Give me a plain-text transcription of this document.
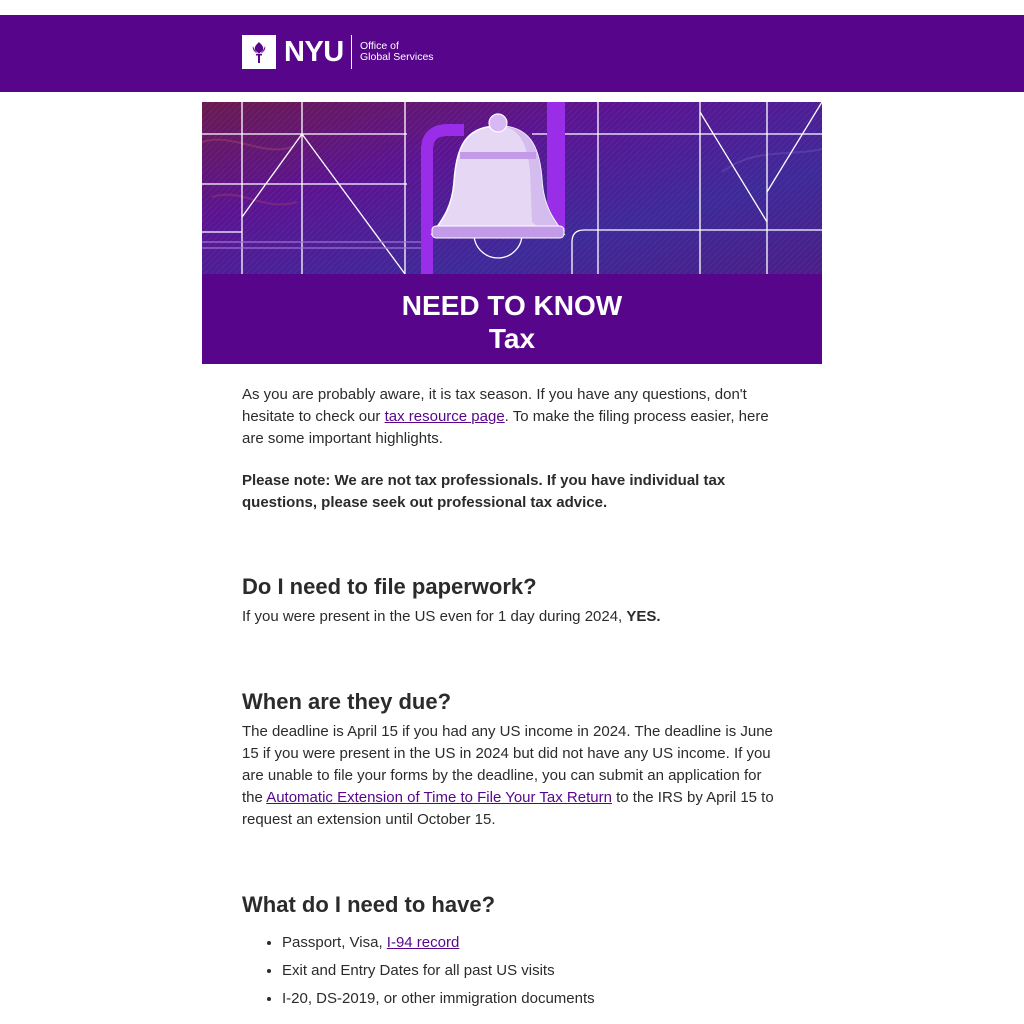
NYU Office of
Global Services
NEED TO KNOW
Tax

As you are probably aware, it is tax season. If you have any questions, don't hesitate to check our tax resource page. To make the filing process easier, here are some important highlights.

Please note: We are not tax professionals. If you have individual tax questions, please seek out professional tax advice.

Do I need to file paperwork?

If you were present in the US even for 1 day during 2024, YES.

When are they due?

The deadline is April 15 if you had any US income in 2024. The deadline is June 15 if you were present in the US in 2024 but did not have any US income. If you are unable to file your forms by the deadline, you can submit an application for the Automatic Extension of Time to File Your Tax Return to the IRS by April 15 to request an extension until October 15.

What do I need to have?
• Passport, Visa, I-94 record
• Exit and Entry Dates for all past US visits
• I-20, DS-2019, or other immigration documents
